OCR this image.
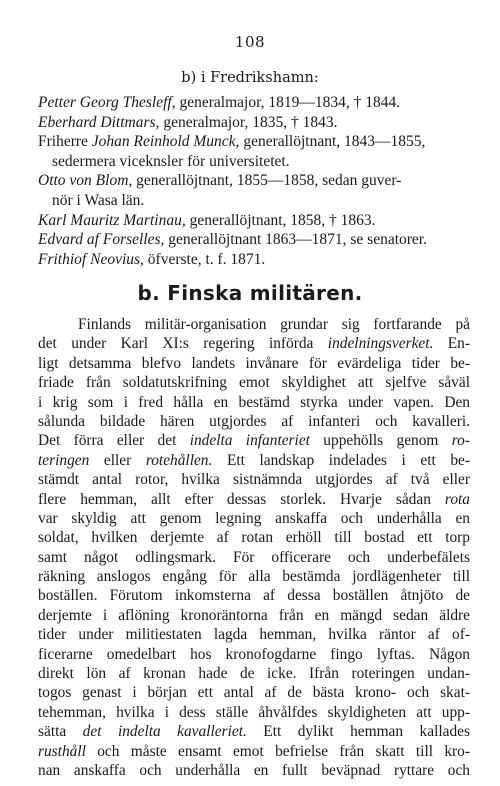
108
b) i Fredrikshamn:
Petter Georg Thesleff, generalmajor, 1819—1834, † 1844.
Eberhard Dittmars, generalmajor, 1835, † 1843.
Friherre Johan Reinhold Munck, generallöjtnant, 1843—1855,
sedermera viceknsler för universitetet.
Otto von Blom, generallöjtnant, 1855—1858, sedan guver-
nör i Wasa län.
Karl Mauritz Martinau, generallöjtnant, 1858, † 1863.
Edvard af Forselles, generallöjtnant 1863—1871, se senatorer.
Frithiof Neovius, öfverste, t. f. 1871.
b. Finska militären.
Finlands militär-organisation grundar sig fortfarande på
det under Karl XI:s regering införda indelningsverket. En-
ligt detsamma blefvo landets invånare för evärdeliga tider be-
friade från soldatutskrifning emot skyldighet att sjelfve såväl
i krig som i fred hålla en bestämd styrka under vapen. Den
sålunda bildade hären utgjordes af infanteri och kavalleri.
Det förra eller det indelta infanteriet uppehölls genom ro-
teringen eller rotehållen. Ett landskap indelades i ett be-
stämdt antal rotor, hvilka sistnämnda utgjordes af två eller
flere hemman, allt efter dessas storlek. Hvarje sådan rota
var skyldig att genom legning anskaffa och underhålla en
soldat, hvilken derjemte af rotan erhöll till bostad ett torp
samt något odlingsmark. För officerare och underbefälets
räkning anslogos engång för alla bestämda jordlägenheter till
boställen. Förutom inkomsterna af dessa boställen åtnjöto de
derjemte i aflöning kronoräntorna från en mängd sedan äldre
tider under militiestaten lagda hemman, hvilka räntor af of-
ficerarne omedelbart hos kronofogdarne fingo lyftas. Någon
direkt lön af kronan hade de icke. Ifrån roteringen undan-
togos genast i början ett antal af de bästa krono- och skat-
tehemman, hvilka i dess ställe åhvålfdes skyldigheten att upp-
sätta det indelta kavalleriet. Ett dylikt hemman kallades
rusthåll och måste ensamt emot befrielse från skatt till kro-
nan anskaffa och underhålla en fullt beväpnad ryttare och
